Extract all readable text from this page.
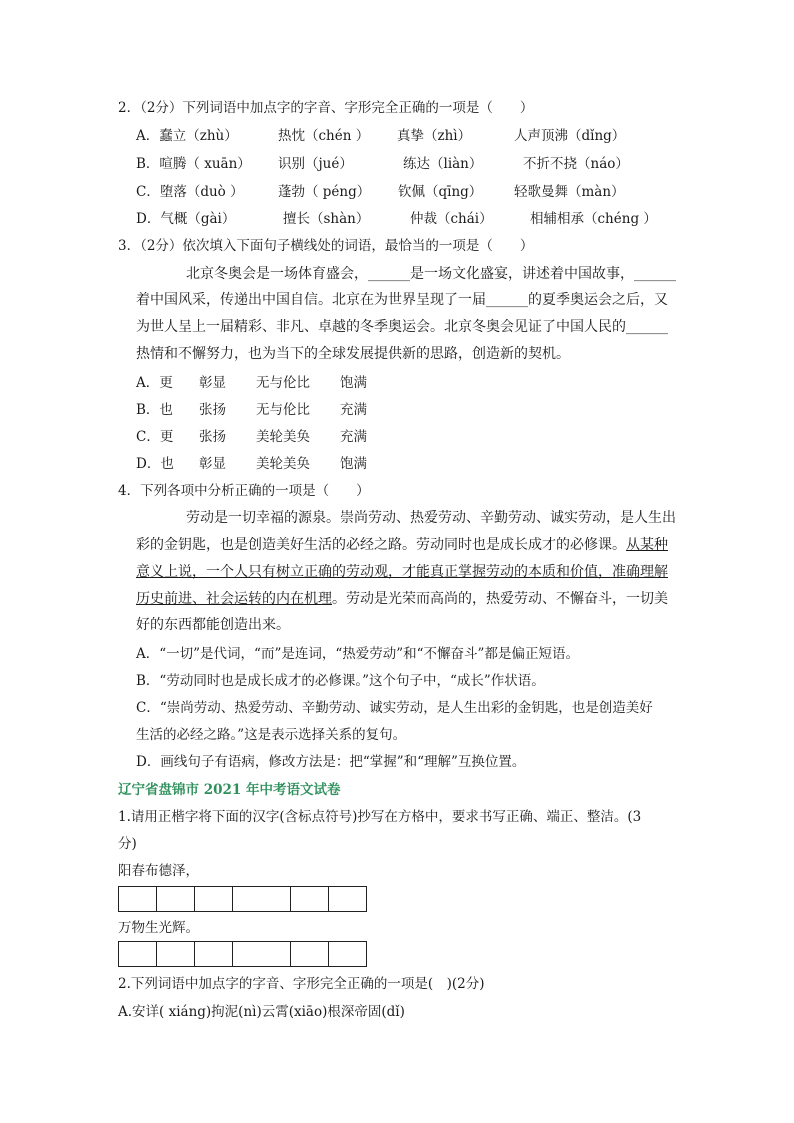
2．（2分）下列词语中加点字的字音、字形完全正确的一项是（　　）
A．蠢立（zhù）	热忱（chén ） 真挚（zhì）	人声顶沸（dǐng）
B．喧腾（ xuān） 识别（jué）	练达（liàn）	不折不挠（náo）
C．堕落（duò ）	蓬勃（ péng） 钦佩（qīng） 轻歌曼舞（màn）
D．气概（gài）	擅长（shàn）	仲裁（chái）	相辅相承（chéng ）
3．（2分）依次填入下面句子横线处的词语，最恰当的一项是（　　）
北京冬奥会是一场体育盛会，______是一场文化盛宴，讲述着中国故事，______
着中国风采，传递出中国自信。北京在为世界呈现了一届______的夏季奥运会之后，又
为世人呈上一届精彩、非凡、卓越的冬季奥运会。北京冬奥会见证了中国人民的______
热情和不懈努力，也为当下的全球发展提供新的思路，创造新的契机。
A．更 彰显 无与伦比 饱满
B．也 张扬 无与伦比 充满
C．更 张扬 美轮美奂 充满
D．也 彰显 美轮美奂 饱满
4．下列各项中分析正确的一项是（　　）
劳动是一切幸福的源泉。崇尚劳动、热爱劳动、辛勤劳动、诚实劳动，是人生出
彩的金钥匙，也是创造美好生活的必经之路。劳动同时也是成长成才的必修课。从某种
意义上说，一个人只有树立正确的劳动观，才能真正掌握劳动的本质和价值，准确理解
历史前进、社会运转的内在机理。劳动是光荣而高尚的，热爱劳动、不懈奋斗，一切美
好的东西都能创造出来。
A．“一切”是代词，“而”是连词，“热爱劳动”和“不懈奋斗”都是偏正短语。
B．“劳动同时也是成长成才的必修课。”这个句子中，“成长”作状语。
C．“崇尚劳动、热爱劳动、辛勤劳动、诚实劳动，是人生出彩的金钥匙，也是创造美好
生活的必经之路。”这是表示选择关系的复句。
D．画线句子有语病，修改方法是：把“掌握”和“理解”互换位置。
辽宁省盘锦市 2021 年中考语文试卷
1.请用正楷字将下面的汉字(含标点符号)抄写在方格中，要求书写正确、端正、整洁。(3
分)
阳春布德泽，
万物生光辉。
2.下列词语中加点字的字音、字形完全正确的一项是(　)(2分)
A.安详( xiáng)拘泥(nì)云霄(xiāo)根深帝固(dǐ)
